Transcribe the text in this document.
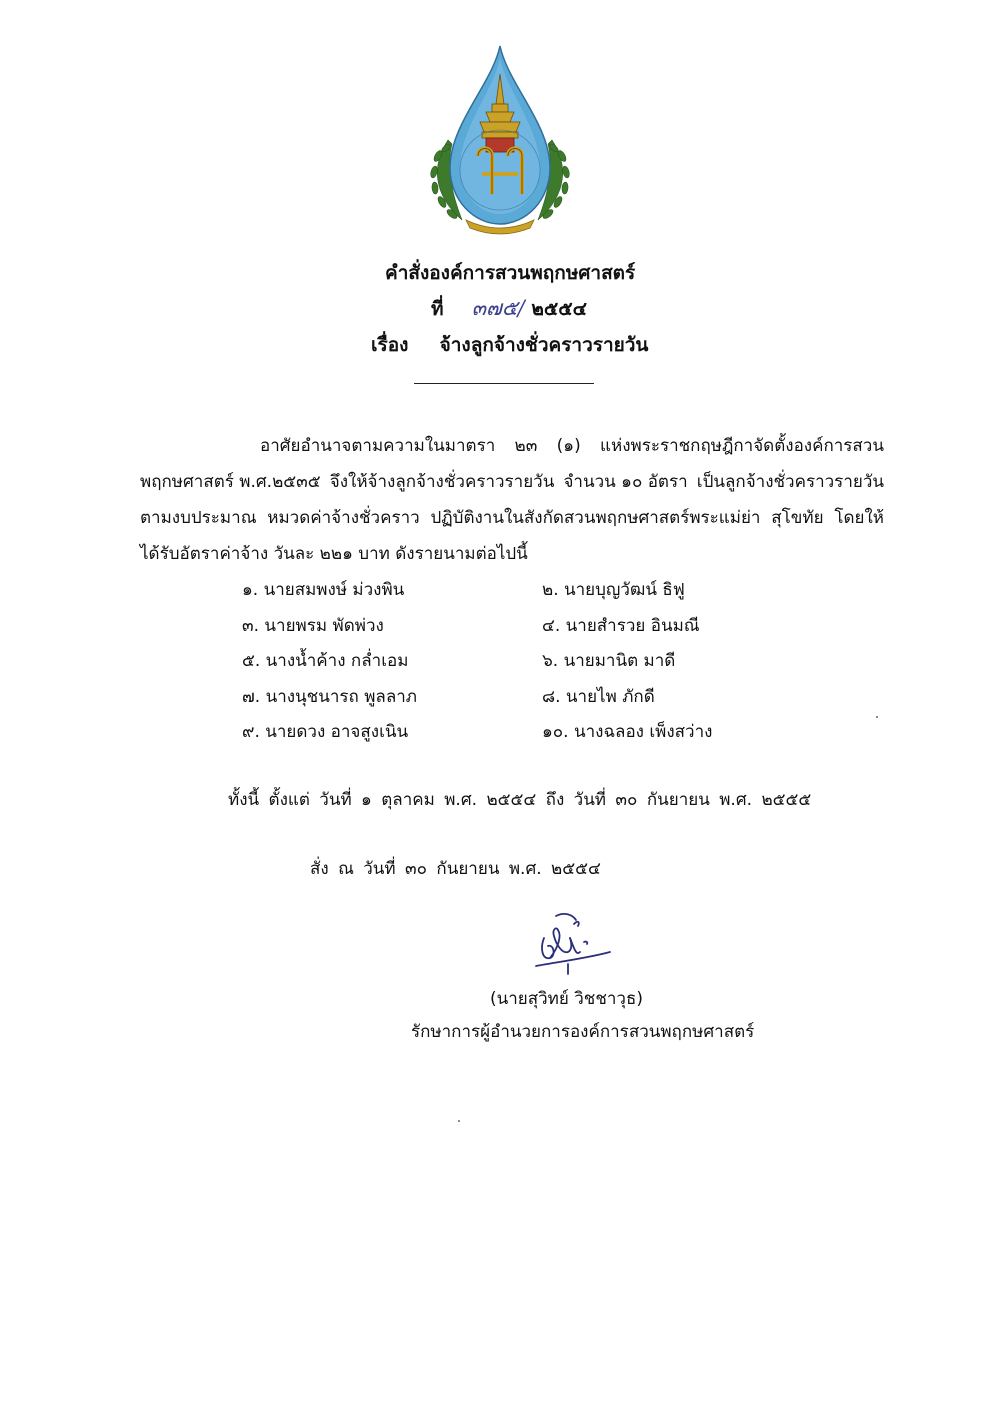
คำสั่งองค์การสวนพฤกษศาสตร์
ที่ ๓๗๕/ ๒๕๕๔
เรื่อง จ้างลูกจ้างชั่วคราวรายวัน
อาศัยอำนาจตามความในมาตรา ๒๓ (๑) แห่งพระราชกฤษฎีกาจัดตั้งองค์การสวน
พฤกษศาสตร์ พ.ศ.๒๕๓๕ จึงให้จ้างลูกจ้างชั่วคราวรายวัน จำนวน ๑๐ อัตรา เป็นลูกจ้างชั่วคราวรายวัน
ตามงบประมาณ หมวดค่าจ้างชั่วคราว ปฏิบัติงานในสังกัดสวนพฤกษศาสตร์พระแม่ย่า สุโขทัย โดยให้
ได้รับอัตราค่าจ้าง วันละ ๒๒๑ บาท ดังรายนามต่อไปนี้
๑. นายสมพงษ์ ม่วงพิน	๒. นายบุญวัฒน์ ธิฟู
๓. นายพรม พัดพ่วง	๔. นายสำรวย อินมณี
๕. นางน้ำค้าง กล่ำเอม	๖. นายมานิต มาดี
๗. นางนุชนารถ พูลลาภ	๘. นายไพ ภักดี
๙. นายดวง อาจสูงเนิน	๑๐. นางฉลอง เพ็งสว่าง
ทั้งนี้ ตั้งแต่ วันที่ ๑ ตุลาคม พ.ศ. ๒๕๕๔ ถึง วันที่ ๓๐ กันยายน พ.ศ. ๒๕๕๕
สั่ง ณ วันที่ ๓๐ กันยายน พ.ศ. ๒๕๕๔
(นายสุวิทย์ วิชชาวุธ)
รักษาการผู้อำนวยการองค์การสวนพฤกษศาสตร์
